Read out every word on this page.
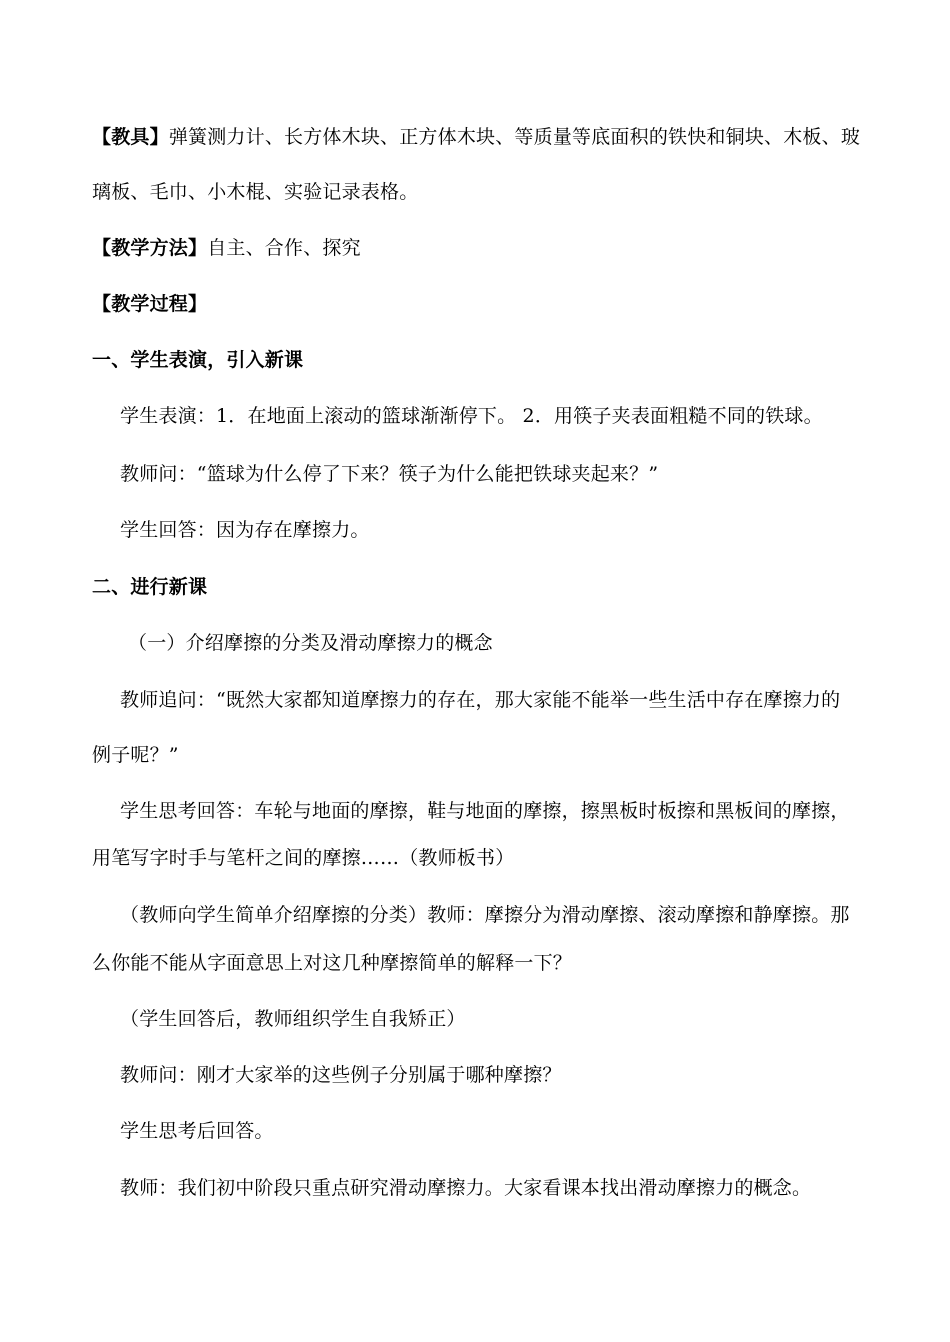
【教具】弹簧测力计、长方体木块、正方体木块、等质量等底面积的铁快和铜块、木板、玻
璃板、毛巾、小木棍、实验记录表格。
【教学方法】自主、合作、探究
【教学过程】
一、学生表演，引入新课
学生表演：1．在地面上滚动的篮球渐渐停下。 2．用筷子夹表面粗糙不同的铁球。
教师问：“篮球为什么停了下来？筷子为什么能把铁球夹起来？”
学生回答：因为存在摩擦力。
二、进行新课
（一）介绍摩擦的分类及滑动摩擦力的概念
教师追问：“既然大家都知道摩擦力的存在，那大家能不能举一些生活中存在摩擦力的
例子呢？”
学生思考回答：车轮与地面的摩擦，鞋与地面的摩擦，擦黑板时板擦和黑板间的摩擦，
用笔写字时手与笔杆之间的摩擦……（教师板书）
（教师向学生简单介绍摩擦的分类）教师：摩擦分为滑动摩擦、滚动摩擦和静摩擦。那
么你能不能从字面意思上对这几种摩擦简单的解释一下？
（学生回答后，教师组织学生自我矫正）
教师问：刚才大家举的这些例子分别属于哪种摩擦？
学生思考后回答。
教师：我们初中阶段只重点研究滑动摩擦力。大家看课本找出滑动摩擦力的概念。
